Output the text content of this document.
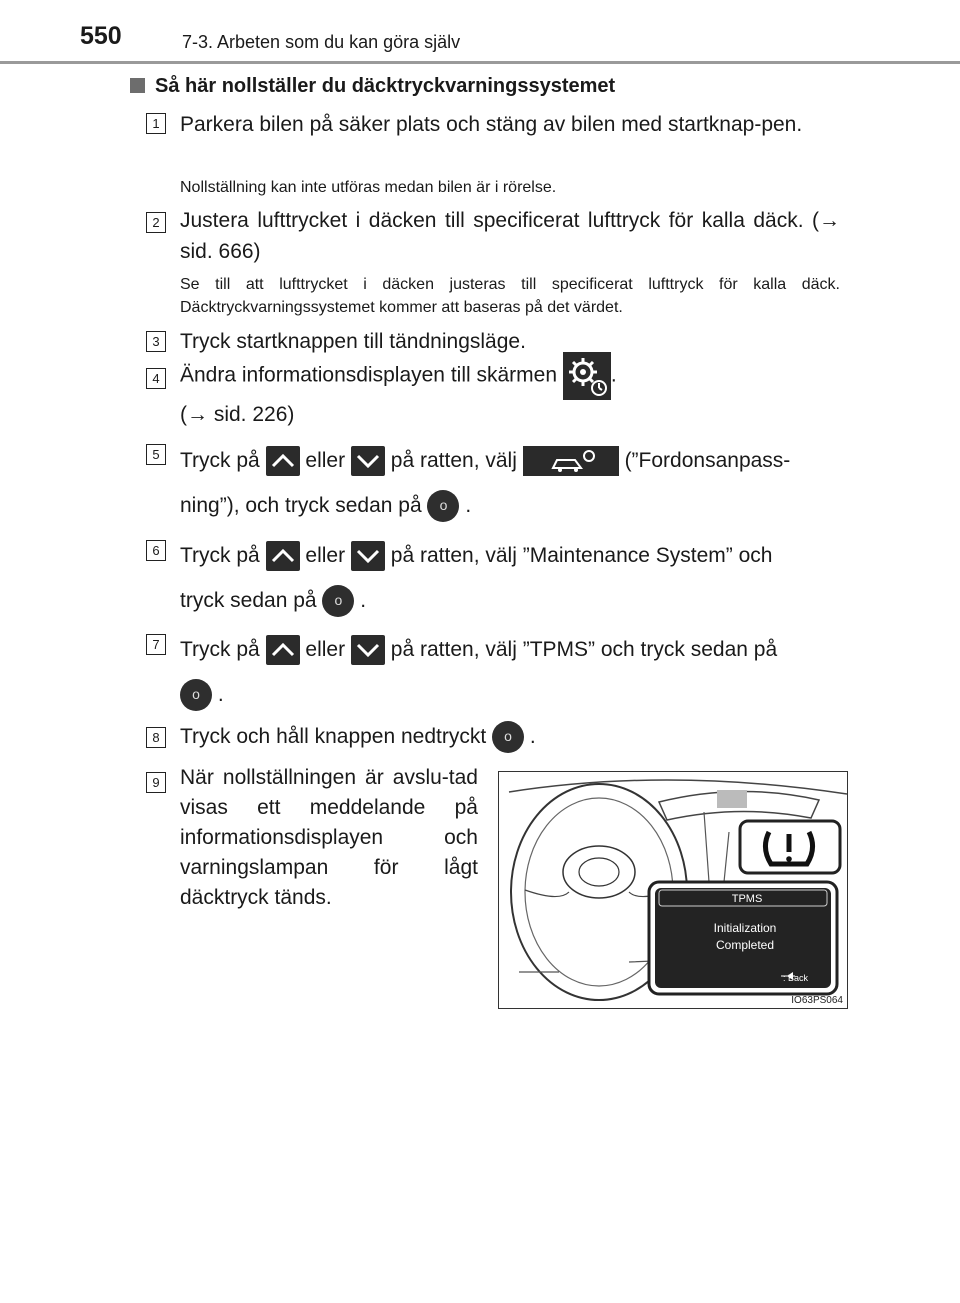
550	7-3. Arbeten som du kan göra själv
Så här nollställer du däcktryckvarningssystemet
1 Parkera bilen på säker plats och stäng av bilen med startknap-pen.
Nollställning kan inte utföras medan bilen är i rörelse.
2 Justera lufttrycket i däcken till specificerat lufttryck för kalla däck. (→ sid. 666)
Se till att lufttrycket i däcken justeras till specificerat lufttryck för kalla däck. Däcktryckvarningssystemet kommer att baseras på det värdet.
3 Tryck startknappen till tändningsläge.
4 Ändra informationsdisplayen till skärmen	.
(→ sid. 226)
5 Tryck på eller på ratten, välj	(”Fordonsanpass-
ning”), och tryck sedan på o .
6 Tryck på eller på ratten, välj ”Maintenance System” och
tryck sedan på o .
7 Tryck på eller på ratten, välj ”TPMS” och tryck sedan på
o .
8 Tryck och håll knappen nedtryckt o .
9 När nollställningen är avslu-tad visas ett meddelande på informationsdisplayen och varningslampan för lågt däcktryck tänds.	TPMS
Initialization
Completed
: Back
IO63PS064
